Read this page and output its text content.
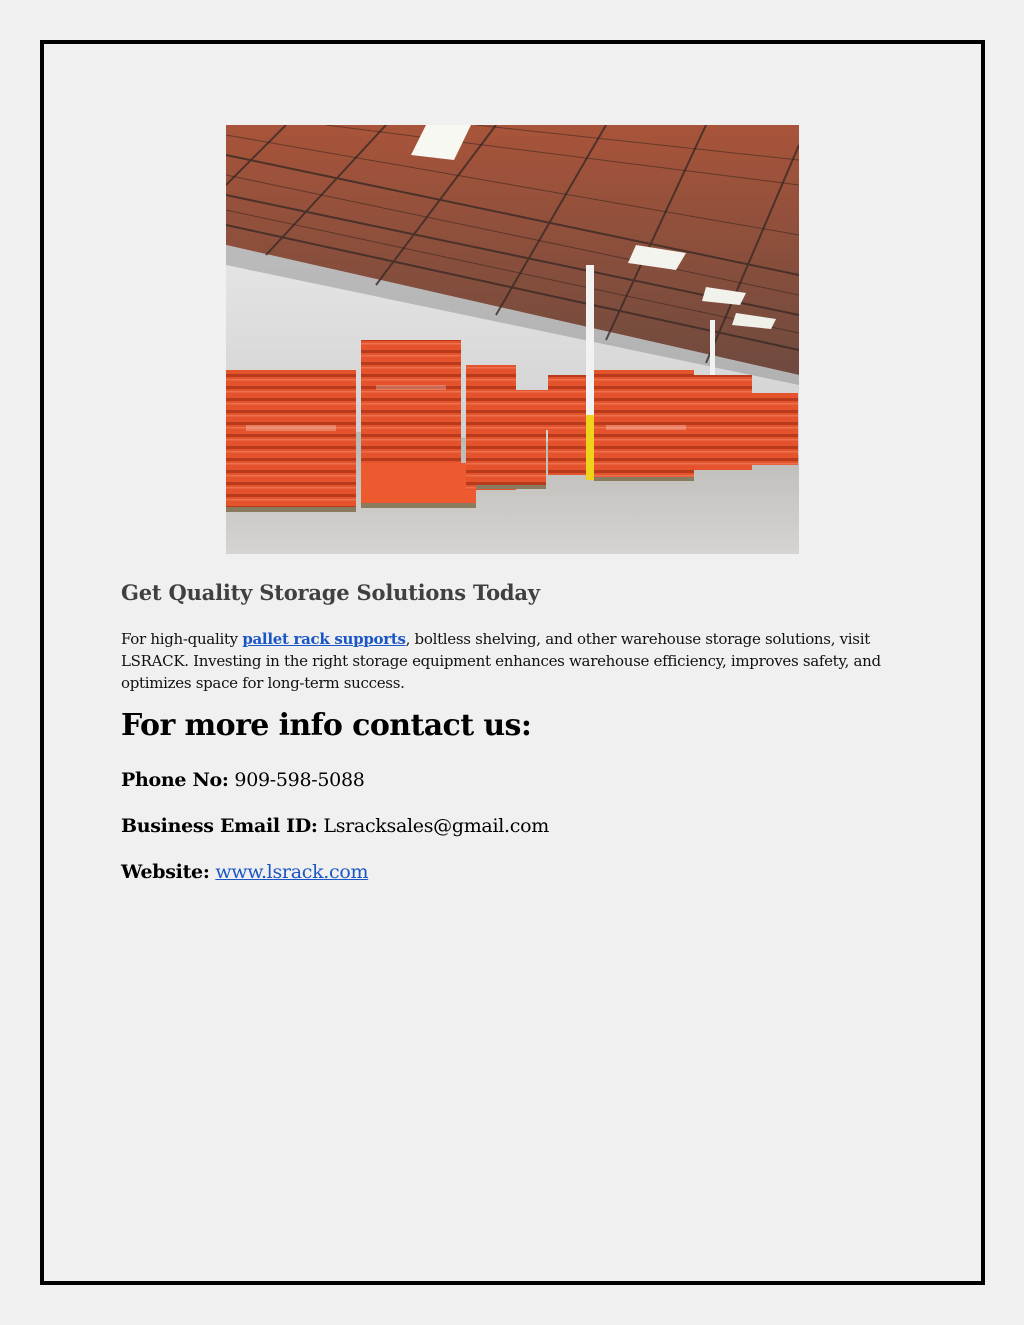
Get Quality Storage Solutions Today

For high-quality pallet rack supports, boltless shelving, and other warehouse storage solutions, visit LSRACK. Investing in the right storage equipment enhances warehouse efficiency, improves safety, and optimizes space for long-term success.

For more info contact us:

Phone No: 909-598-5088

Business Email ID: Lsracksales@gmail.com

Website: www.lsrack.com
